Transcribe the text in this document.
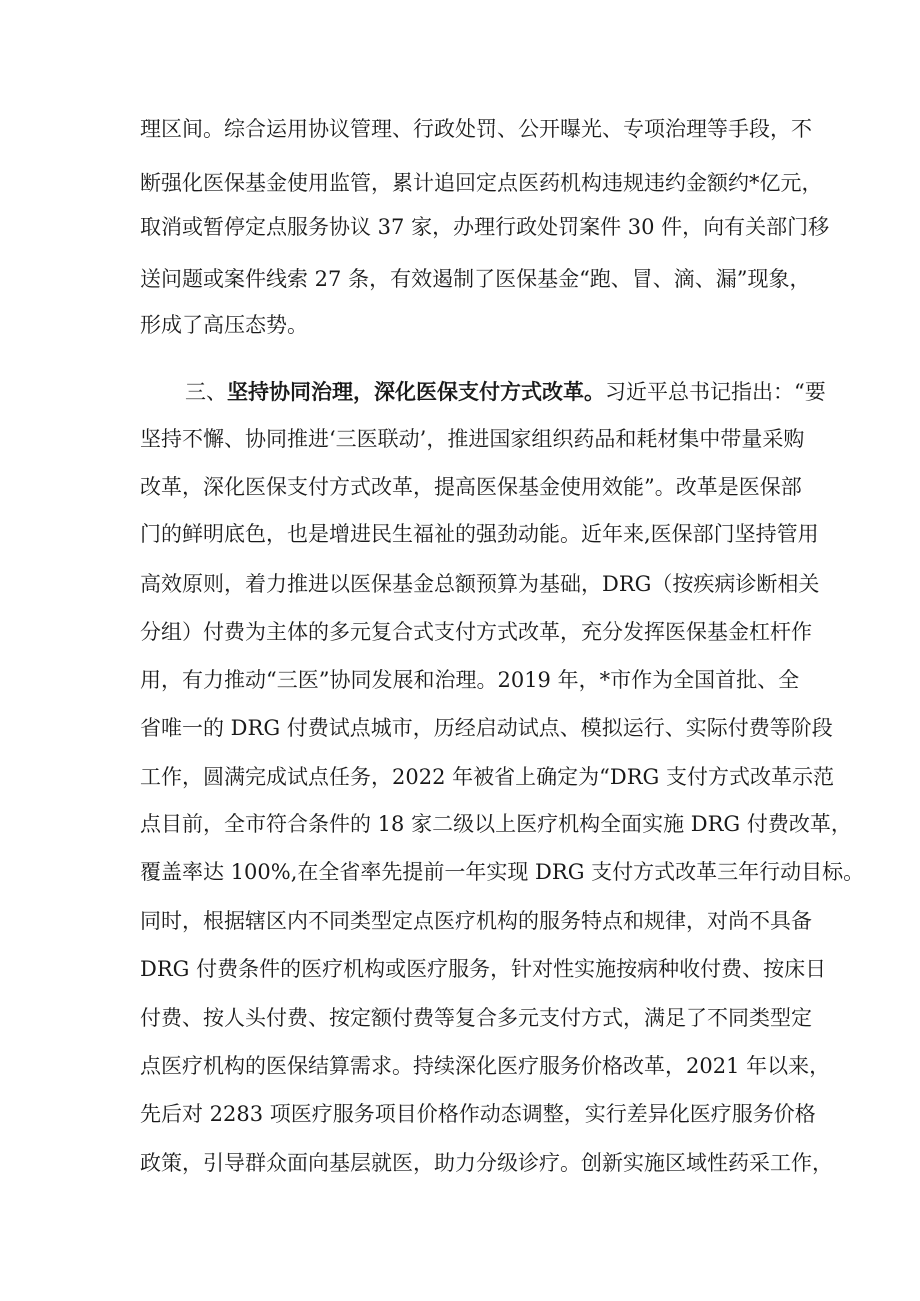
理区间。综合运用协议管理、行政处罚、公开曝光、专项治理等手段，不
断强化医保基金使用监管，累计追回定点医药机构违规违约金额约*亿元，
取消或暂停定点服务协议 37 家，办理行政处罚案件 30 件，向有关部门移
送问题或案件线索 27 条，有效遏制了医保基金“跑、冒、滴、漏”现象，
形成了高压态势。
三、坚持协同治理，深化医保支付方式改革。习近平总书记指出：“要
坚持不懈、协同推进‘三医联动’，推进国家组织药品和耗材集中带量采购
改革，深化医保支付方式改革，提高医保基金使用效能”。改革是医保部
门的鲜明底色，也是增进民生福祉的强劲动能。近年来,医保部门坚持管用
高效原则，着力推进以医保基金总额预算为基础，DRG（按疾病诊断相关
分组）付费为主体的多元复合式支付方式改革，充分发挥医保基金杠杆作
用，有力推动“三医”协同发展和治理。2019 年，*市作为全国首批、全
省唯一的 DRG 付费试点城市，历经启动试点、模拟运行、实际付费等阶段
工作，圆满完成试点任务，2022 年被省上确定为“DRG 支付方式改革示范
点目前，全市符合条件的 18 家二级以上医疗机构全面实施 DRG 付费改革，
覆盖率达 100%,在全省率先提前一年实现 DRG 支付方式改革三年行动目标。
同时，根据辖区内不同类型定点医疗机构的服务特点和规律，对尚不具备
DRG 付费条件的医疗机构或医疗服务，针对性实施按病种收付费、按床日
付费、按人头付费、按定额付费等复合多元支付方式，满足了不同类型定
点医疗机构的医保结算需求。持续深化医疗服务价格改革，2021 年以来，
先后对 2283 项医疗服务项目价格作动态调整，实行差异化医疗服务价格
政策，引导群众面向基层就医，助力分级诊疗。创新实施区域性药采工作，
